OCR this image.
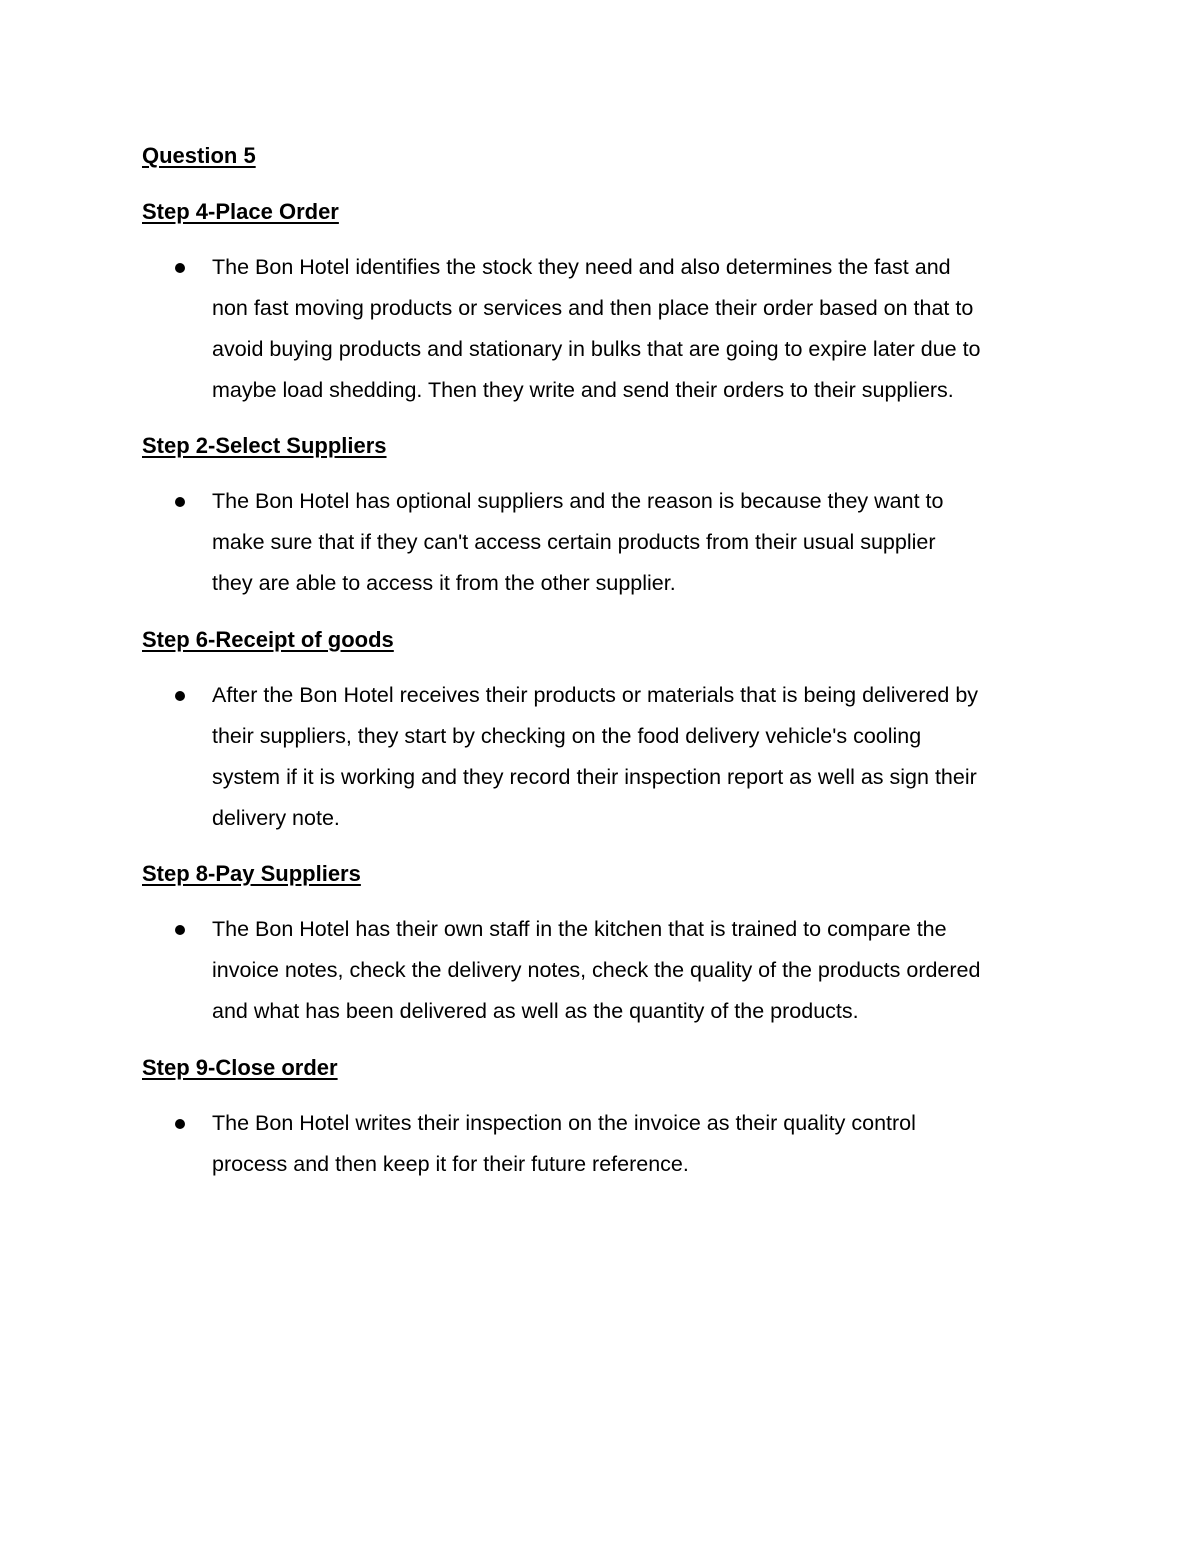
Question 5
Step 4-Place Order
The Bon Hotel identifies the stock they need and also determines the fast and
non fast moving products or services and then place their order based on that to
avoid buying products and stationary in bulks that are going to expire later due to
maybe load shedding. Then they write and send their orders to their suppliers.
Step 2-Select Suppliers
The Bon Hotel has optional suppliers and the reason is because they want to
make sure that if they can't access certain products from their usual supplier
they are able to access it from the other supplier.
Step 6-Receipt of goods
After the Bon Hotel receives their products or materials that is being delivered by
their suppliers, they start by checking on the food delivery vehicle's cooling
system if it is working and they record their inspection report as well as sign their
delivery note.
Step 8-Pay Suppliers
The Bon Hotel has their own staff in the kitchen that is trained to compare the
invoice notes, check the delivery notes, check the quality of the products ordered
and what has been delivered as well as the quantity of the products.
Step 9-Close order
The Bon Hotel writes their inspection on the invoice as their quality control
process and then keep it for their future reference.
